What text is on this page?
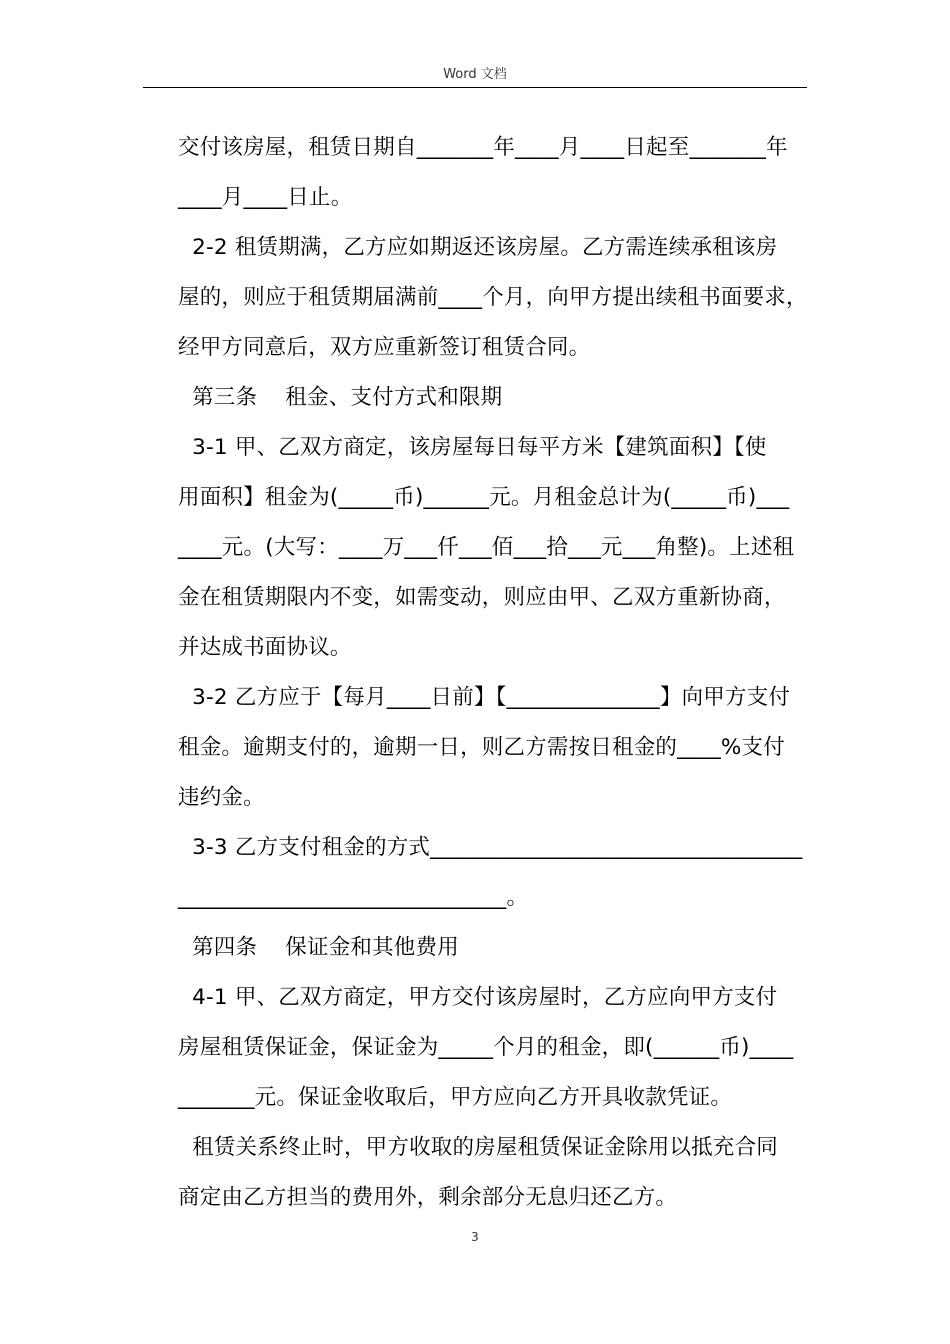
Word 文档
交付该房屋，租赁日期自_______年____月____日起至_______年
____月____日止。
2-2 租赁期满，乙方应如期返还该房屋。乙方需连续承租该房
屋的，则应于租赁期届满前____个月，向甲方提出续租书面要求，
经甲方同意后，双方应重新签订租赁合同。
第三条    租金、支付方式和限期
3-1 甲、乙双方商定，该房屋每日每平方米【建筑面积】【使
用面积】租金为(_____币)______元。月租金总计为(_____币)___
____元。(大写：____万___仟___佰___拾___元___角整)。上述租
金在租赁期限内不变，如需变动，则应由甲、乙双方重新协商，
并达成书面协议。
3-2 乙方应于【每月____日前】【______________】向甲方支付
租金。逾期支付的，逾期一日，则乙方需按日租金的____%支付
违约金。
3-3 乙方支付租金的方式__________________________________
______________________________。
第四条    保证金和其他费用
4-1 甲、乙双方商定，甲方交付该房屋时，乙方应向甲方支付
房屋租赁保证金，保证金为_____个月的租金，即(______币)____
_______元。保证金收取后，甲方应向乙方开具收款凭证。
租赁关系终止时，甲方收取的房屋租赁保证金除用以抵充合同
商定由乙方担当的费用外，剩余部分无息归还乙方。
3
